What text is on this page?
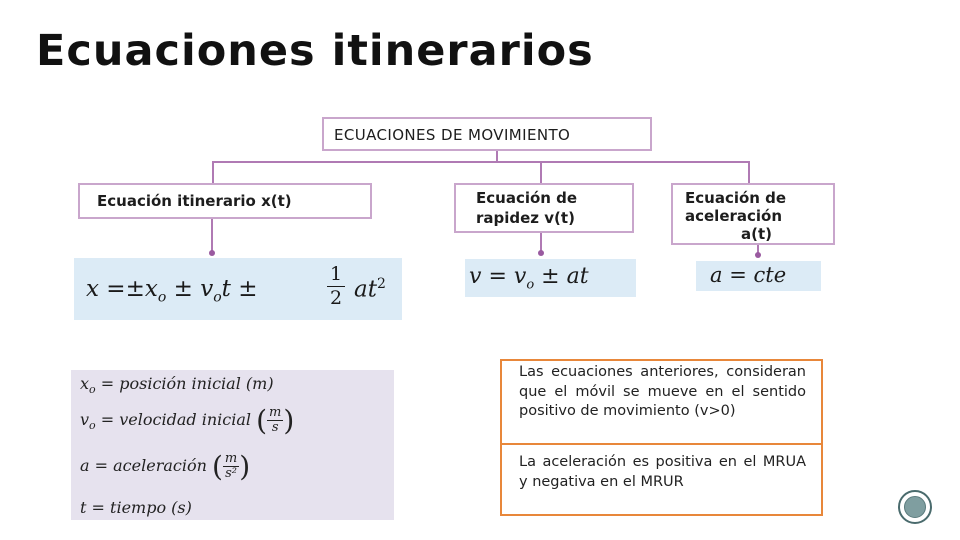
Ecuaciones itinerarios
ECUACIONES DE MOVIMIENTO
Ecuación itinerario x(t)	Ecuación de
rapidez v(t)
Ecuación de
aceleración
a(t)
$x =\pm x_o \pm v_ot$ ±	$\frac{1}{2} at^2$	$v = v_o$ ± at	a = cte
$x_o$ = posición inicial (m)
$v_o$ = velocidad inicial ( $\frac{m}{s}$ )
a = aceleración ( $\frac{m}{\text{s²}}$ )
t = tiempo (s)
Las ecuaciones anteriores, consideran que el móvil se mueve en el sentido positivo de movimiento (v>0)
La aceleración es positiva en el MRUA y negativa en el MRUR
